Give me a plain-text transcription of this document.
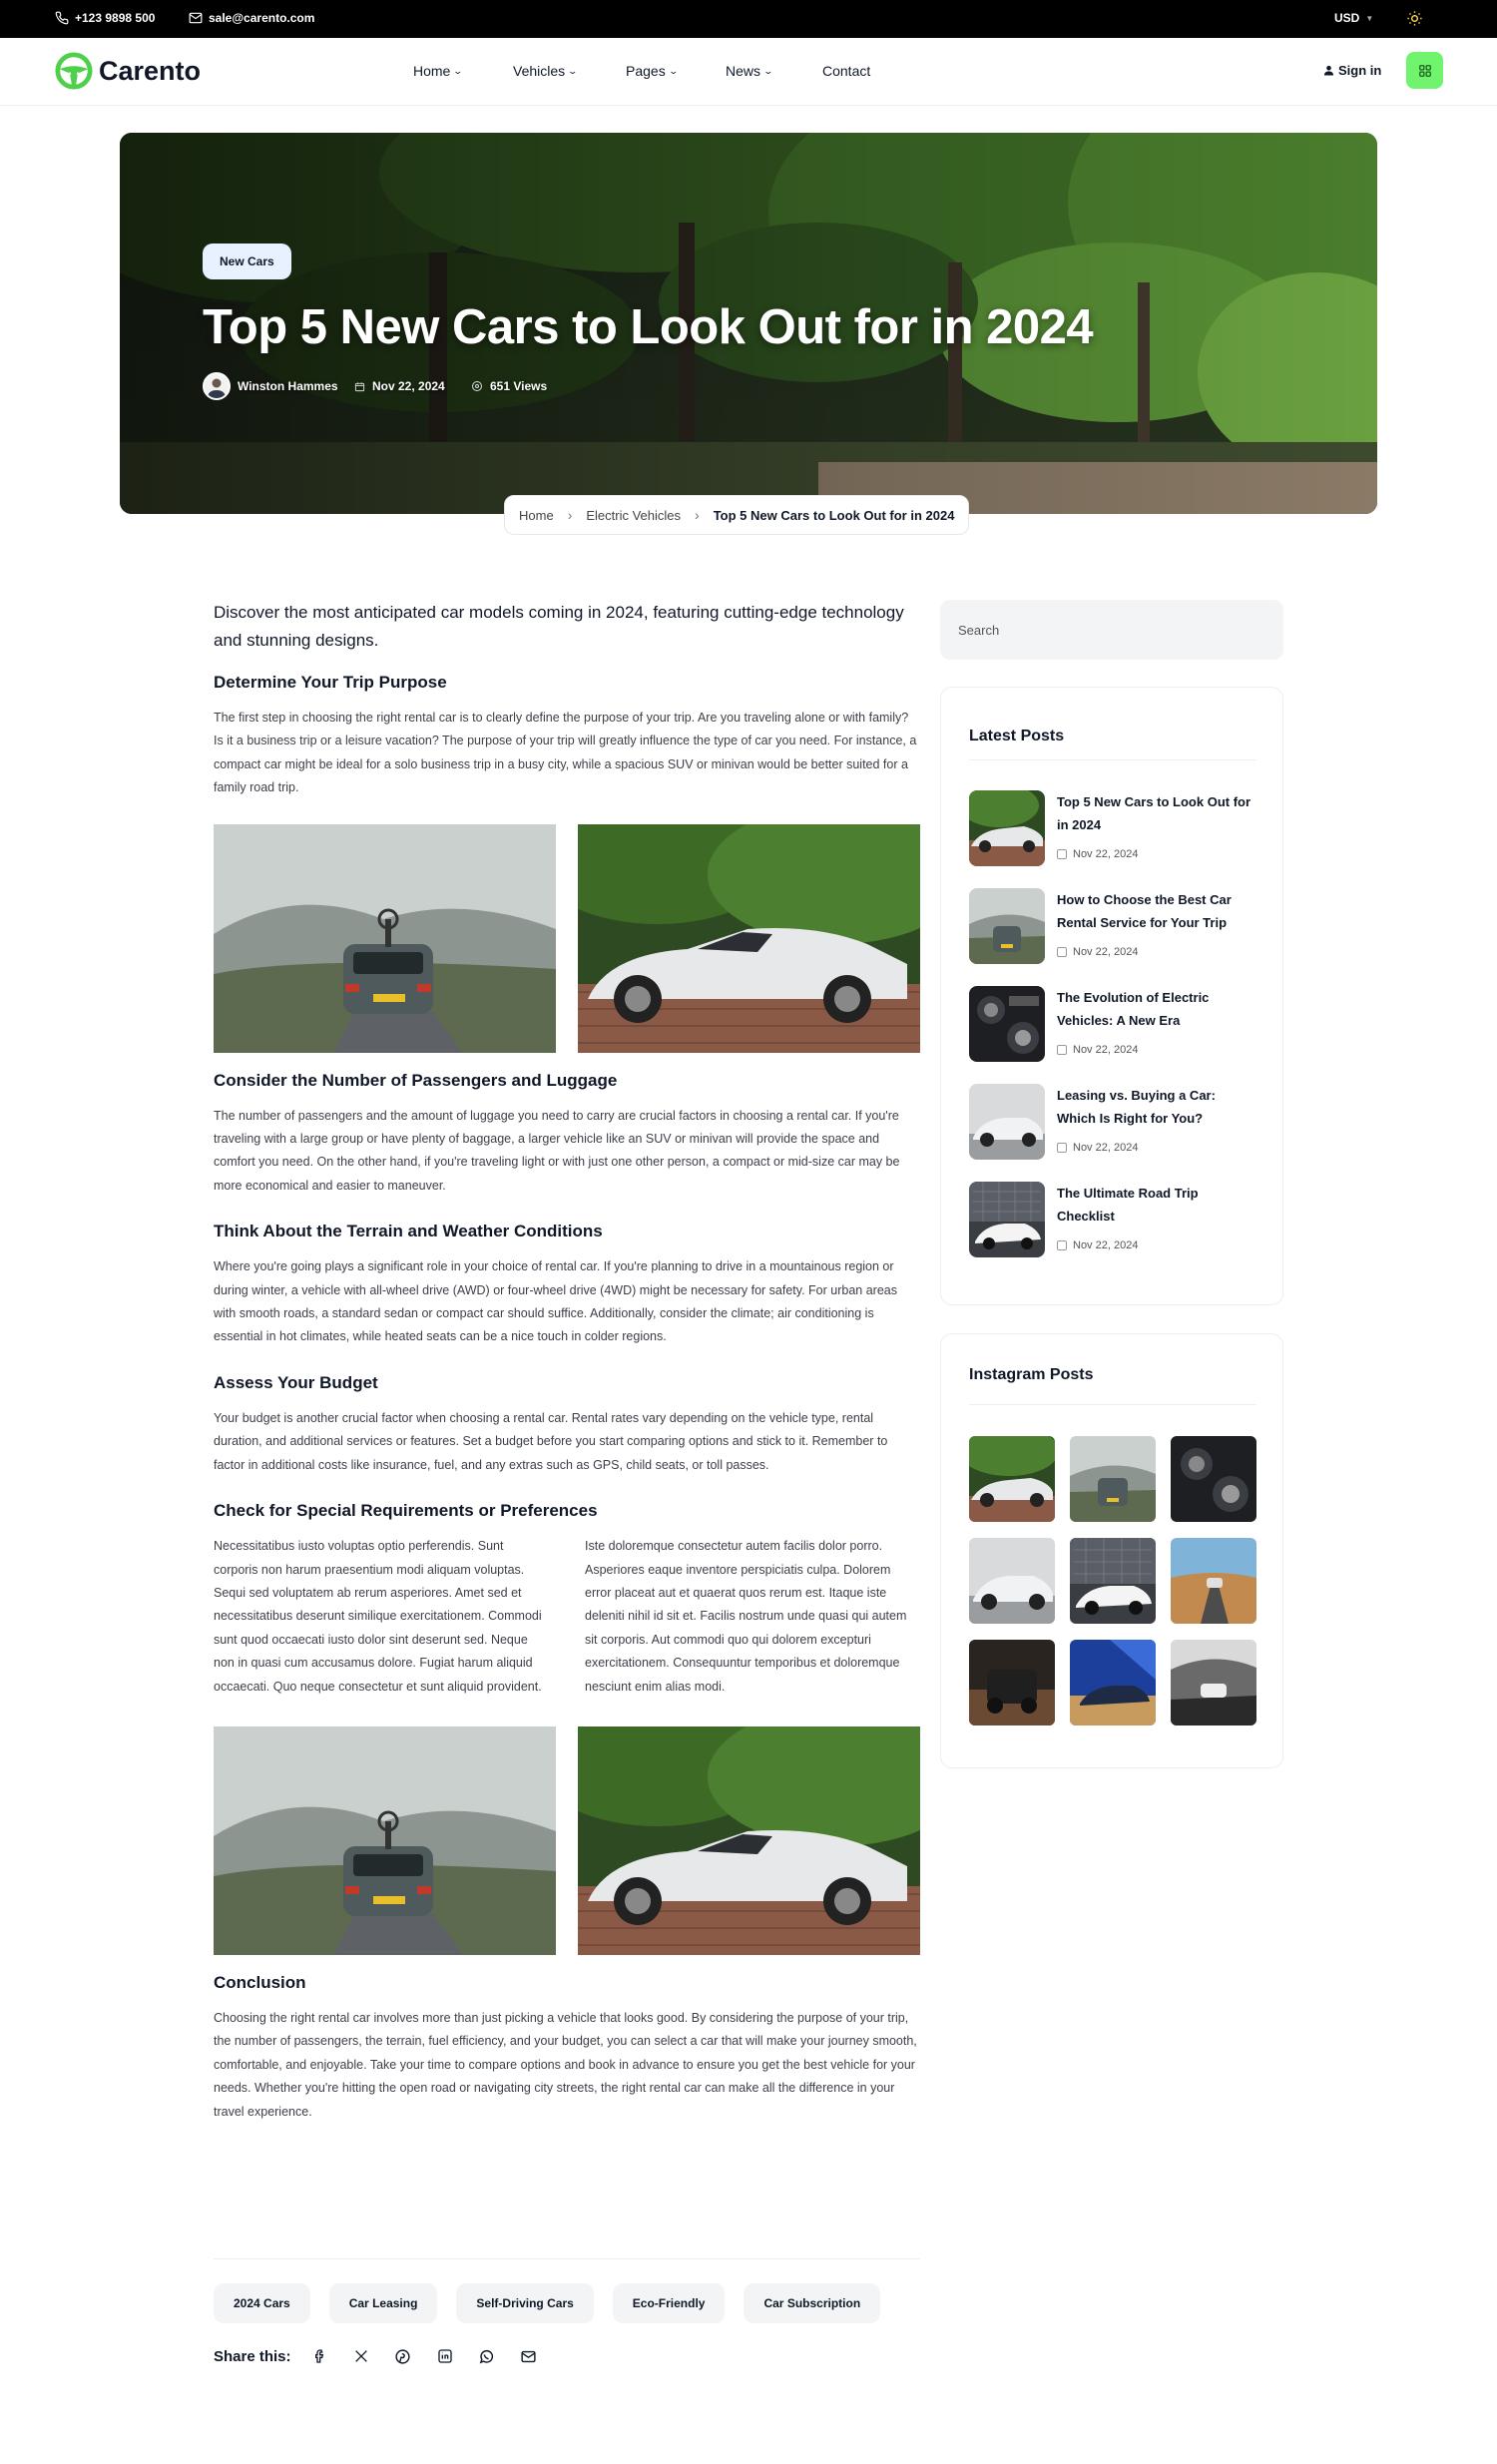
+123 9898 500	sale@carento.com	USD ▼
Carento	Home ⌄	Vehicles ⌄	Pages ⌄	News ⌄	Contact	Sign in
New Cars
Top 5 New Cars to Look Out for in 2024
Winston Hammes	Nov 22, 2024	651 Views
Home › Electric Vehicles › Top 5 New Cars to Look Out for in 2024

Discover the most anticipated car models coming in 2024, featuring cutting-edge technology and stunning designs.

Determine Your Trip Purpose

The first step in choosing the right rental car is to clearly define the purpose of your trip. Are you traveling alone or with family? Is it a business trip or a leisure vacation? The purpose of your trip will greatly influence the type of car you need. For instance, a compact car might be ideal for a solo business trip in a busy city, while a spacious SUV or minivan would be better suited for a family road trip.

Consider the Number of Passengers and Luggage

The number of passengers and the amount of luggage you need to carry are crucial factors in choosing a rental car. If you're traveling with a large group or have plenty of baggage, a larger vehicle like an SUV or minivan will provide the space and comfort you need. On the other hand, if you're traveling light or with just one other person, a compact or mid-size car may be more economical and easier to maneuver.

Think About the Terrain and Weather Conditions

Where you're going plays a significant role in your choice of rental car. If you're planning to drive in a mountainous region or during winter, a vehicle with all-wheel drive (AWD) or four-wheel drive (4WD) might be necessary for safety. For urban areas with smooth roads, a standard sedan or compact car should suffice. Additionally, consider the climate; air conditioning is essential in hot climates, while heated seats can be a nice touch in colder regions.

Assess Your Budget

Your budget is another crucial factor when choosing a rental car. Rental rates vary depending on the vehicle type, rental duration, and additional services or features. Set a budget before you start comparing options and stick to it. Remember to factor in additional costs like insurance, fuel, and any extras such as GPS, child seats, or toll passes.

Check for Special Requirements or Preferences

Necessitatibus iusto voluptas optio perferendis. Sunt corporis non harum praesentium modi aliquam voluptas. Sequi sed voluptatem ab rerum asperiores. Amet sed et necessitatibus deserunt similique exercitationem. Commodi sunt quod occaecati iusto dolor sint deserunt sed. Neque non in quasi cum accusamus dolore. Fugiat harum aliquid occaecati. Quo neque consectetur et sunt aliquid provident.

Iste doloremque consectetur autem facilis dolor porro. Asperiores eaque inventore perspiciatis culpa. Dolorem error placeat aut et quaerat quos rerum est. Itaque iste deleniti nihil id sit et. Facilis nostrum unde quasi qui autem sit corporis. Aut commodi quo qui dolorem excepturi exercitationem. Consequuntur temporibus et doloremque nesciunt enim alias modi.

Conclusion

Choosing the right rental car involves more than just picking a vehicle that looks good. By considering the purpose of your trip, the number of passengers, the terrain, fuel efficiency, and your budget, you can select a car that will make your journey smooth, comfortable, and enjoyable. Take your time to compare options and book in advance to ensure you get the best vehicle for your needs. Whether you're hitting the open road or navigating city streets, the right rental car can make all the difference in your travel experience.

2024 Cars	Car Leasing	Self-Driving Cars	Eco-Friendly	Car Subscription
Share this:
Search
Latest Posts
Top 5 New Cars to Look Out for in 2024
Nov 22, 2024
How to Choose the Best Car Rental Service for Your Trip
Nov 22, 2024
The Evolution of Electric Vehicles: A New Era
Nov 22, 2024
Leasing vs. Buying a Car: Which Is Right for You?
Nov 22, 2024
The Ultimate Road Trip Checklist
Nov 22, 2024
Instagram Posts
